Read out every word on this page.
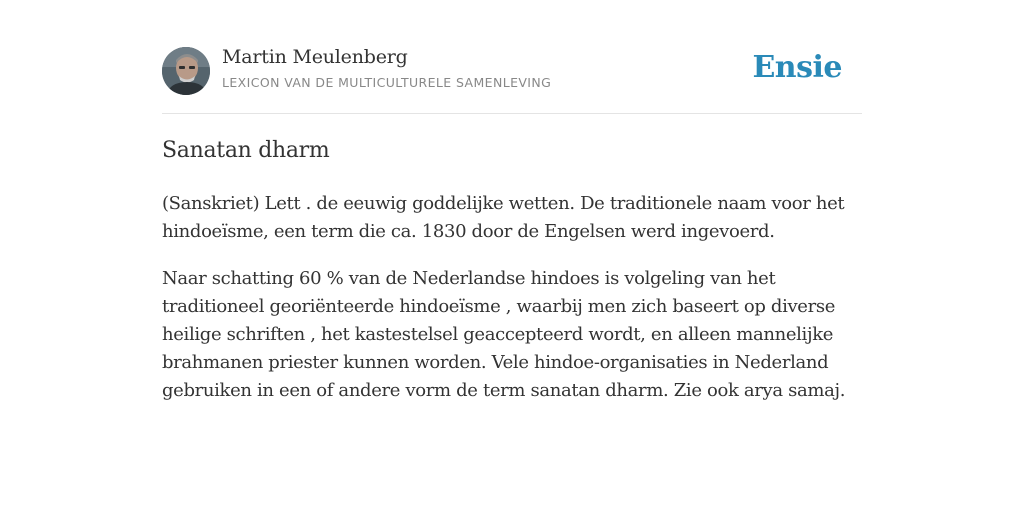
Martin Meulenberg
LEXICON VAN DE MULTICULTURELE SAMENLEVING	Ensie
Sanatan dharm

(Sanskriet) Lett . de eeuwig goddelijke wetten. De traditionele naam voor het hindoeïsme, een term die ca. 1830 door de Engelsen werd ingevoerd.

Naar schatting 60 % van de Nederlandse hindoes is volgeling van het traditioneel georiënteerde hindoeïsme , waarbij men zich baseert op diverse heilige schriften , het kastestelsel geaccepteerd wordt, en alleen mannelijke brahmanen priester kunnen worden. Vele hindoe-organisaties in Nederland gebruiken in een of andere vorm de term sanatan dharm. Zie ook arya samaj.
